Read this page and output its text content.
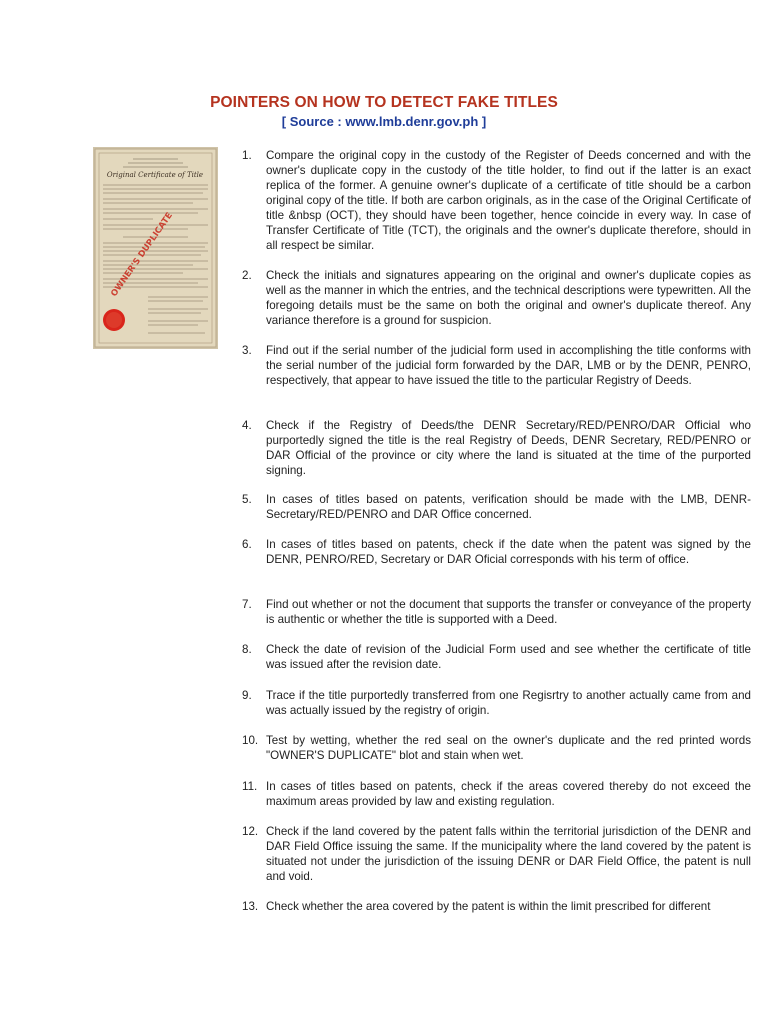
POINTERS ON HOW TO DETECT FAKE TITLES
[ Source : www.lmb.denr.gov.ph ]
Original Certificate of Title
OWNER'S DUPLICATE
1.	Compare the original copy in the custody of the Register of Deeds concerned and with the owner's duplicate copy in the custody of the title holder, to find out if the latter is an exact replica of the former. A genuine owner's duplicate of a certificate of title should be a carbon original copy of the title. If both are carbon originals, as in the case of the Original Certificate of title &nbsp (OCT), they should have been together, hence coincide in every way. In case of Transfer Certificate of Title (TCT), the originals and the owner's duplicate therefore, should in all respect be similar.

2.	Check the initials and signatures appearing on the original and owner's duplicate copies as well as the manner in which the entries, and the technical descriptions were typewritten. All the foregoing details must be the same on both the original and owner's duplicate thereof. Any variance therefore is a ground for suspicion.

3.	Find out if the serial number of the judicial form used in accomplishing the title conforms with the serial number of the judicial form forwarded by the DAR, LMB or by the DENR, PENRO, respectively, that appear to have issued the title to the particular Registry of Deeds.

4.	Check if the Registry of Deeds/the DENR Secretary/RED/PENRO/DAR Official who purportedly signed the title is the real Registry of Deeds, DENR Secretary, RED/PENRO or DAR Official of the province or city where the land is situated at the time of the purported signing.

5.	In cases of titles based on patents, verification should be made with the LMB, DENR-Secretary/RED/PENRO and DAR Office concerned.

6.	In cases of titles based on patents, check if the date when the patent was signed by the DENR, PENRO/RED, Secretary or DAR Oficial corresponds with his term of office.

7.	Find out whether or not the document that supports the transfer or conveyance of the property is authentic or whether the title is supported with a Deed.

8.	Check the date of revision of the Judicial Form used and see whether the certificate of title was issued after the revision date.

9.	Trace if the title purportedly transferred from one Regisrtry to another actually came from and was actually issued by the registry of origin.

10. Test by wetting, whether the red seal on the owner's duplicate and the red printed words "OWNER'S DUPLICATE" blot and stain when wet.

11. In cases of titles based on patents, check if the areas covered thereby do not exceed the maximum areas provided by law and existing regulation.

12. Check if the land covered by the patent falls within the territorial jurisdiction of the DENR and DAR Field Office issuing the same. If the municipality where the land covered by the patent is situated not under the jurisdiction of the issuing DENR or DAR Field Office, the patent is null and void.

13. Check whether the area covered by the patent is within the limit prescribed for different
